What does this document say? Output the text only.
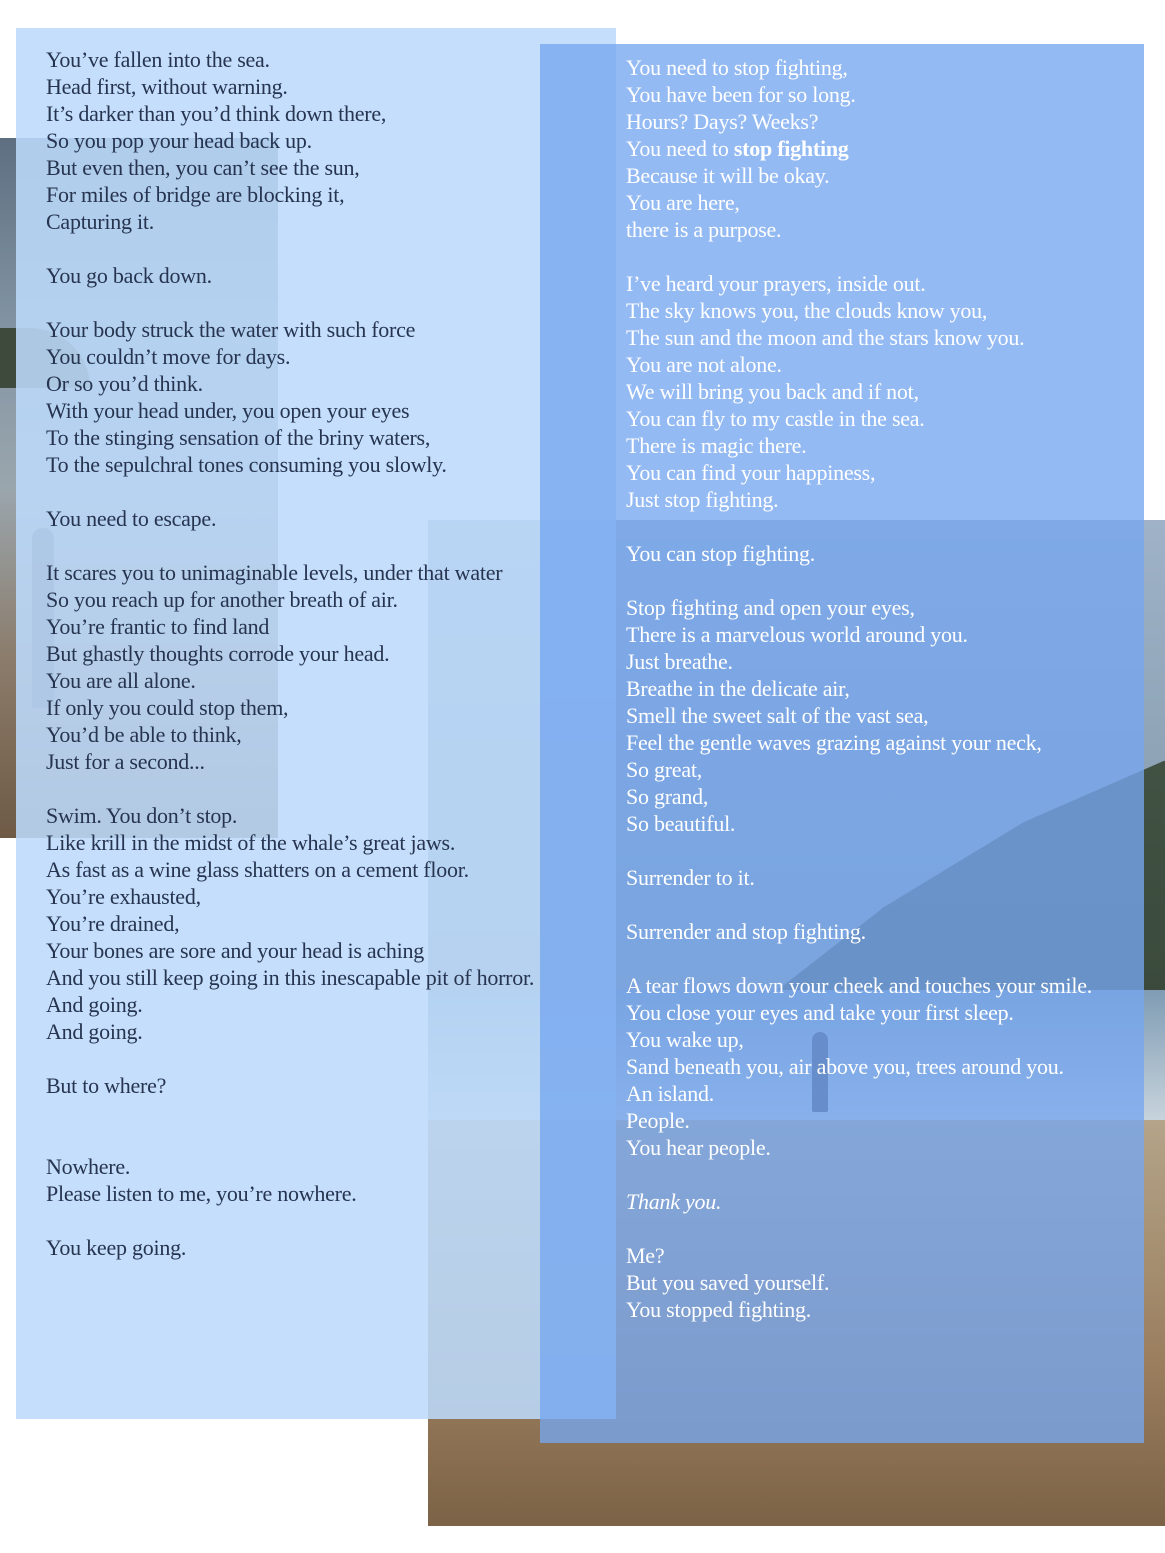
You’ve fallen into the sea.
Head first, without warning.
It’s darker than you’d think down there,
So you pop your head back up.
But even then, you can’t see the sun,
For miles of bridge are blocking it,
Capturing it.
You go back down.
Your body struck the water with such force
You couldn’t move for days.
Or so you’d think.
With your head under, you open your eyes
To the stinging sensation of the briny waters,
To the sepulchral tones consuming you slowly.
You need to escape.
It scares you to unimaginable levels, under that water
So you reach up for another breath of air.
You’re frantic to find land
But ghastly thoughts corrode your head.
You are all alone.
If only you could stop them,
You’d be able to think,
Just for a second...
Swim. You don’t stop.
Like krill in the midst of the whale’s great jaws.
As fast as a wine glass shatters on a cement floor.
You’re exhausted,
You’re drained,
Your bones are sore and your head is aching
And you still keep going in this inescapable pit of horror.
And going.
And going.
But to where?
Nowhere.
Please listen to me, you’re nowhere.
You keep going.
You need to stop fighting,
You have been for so long.
Hours? Days? Weeks?
You need to stop fighting
Because it will be okay.
You are here,
there is a purpose.
I’ve heard your prayers, inside out.
The sky knows you, the clouds know you,
The sun and the moon and the stars know you.
You are not alone.
We will bring you back and if not,
You can fly to my castle in the sea.
There is magic there.
You can find your happiness,
Just stop fighting.
You can stop fighting.
Stop fighting and open your eyes,
There is a marvelous world around you.
Just breathe.
Breathe in the delicate air,
Smell the sweet salt of the vast sea,
Feel the gentle waves grazing against your neck,
So great,
So grand,
So beautiful.
Surrender to it.
Surrender and stop fighting.
A tear flows down your cheek and touches your smile.
You close your eyes and take your first sleep.
You wake up,
Sand beneath you, air above you, trees around you.
An island.
People.
You hear people.
Thank you.
Me?
But you saved yourself.
You stopped fighting.
